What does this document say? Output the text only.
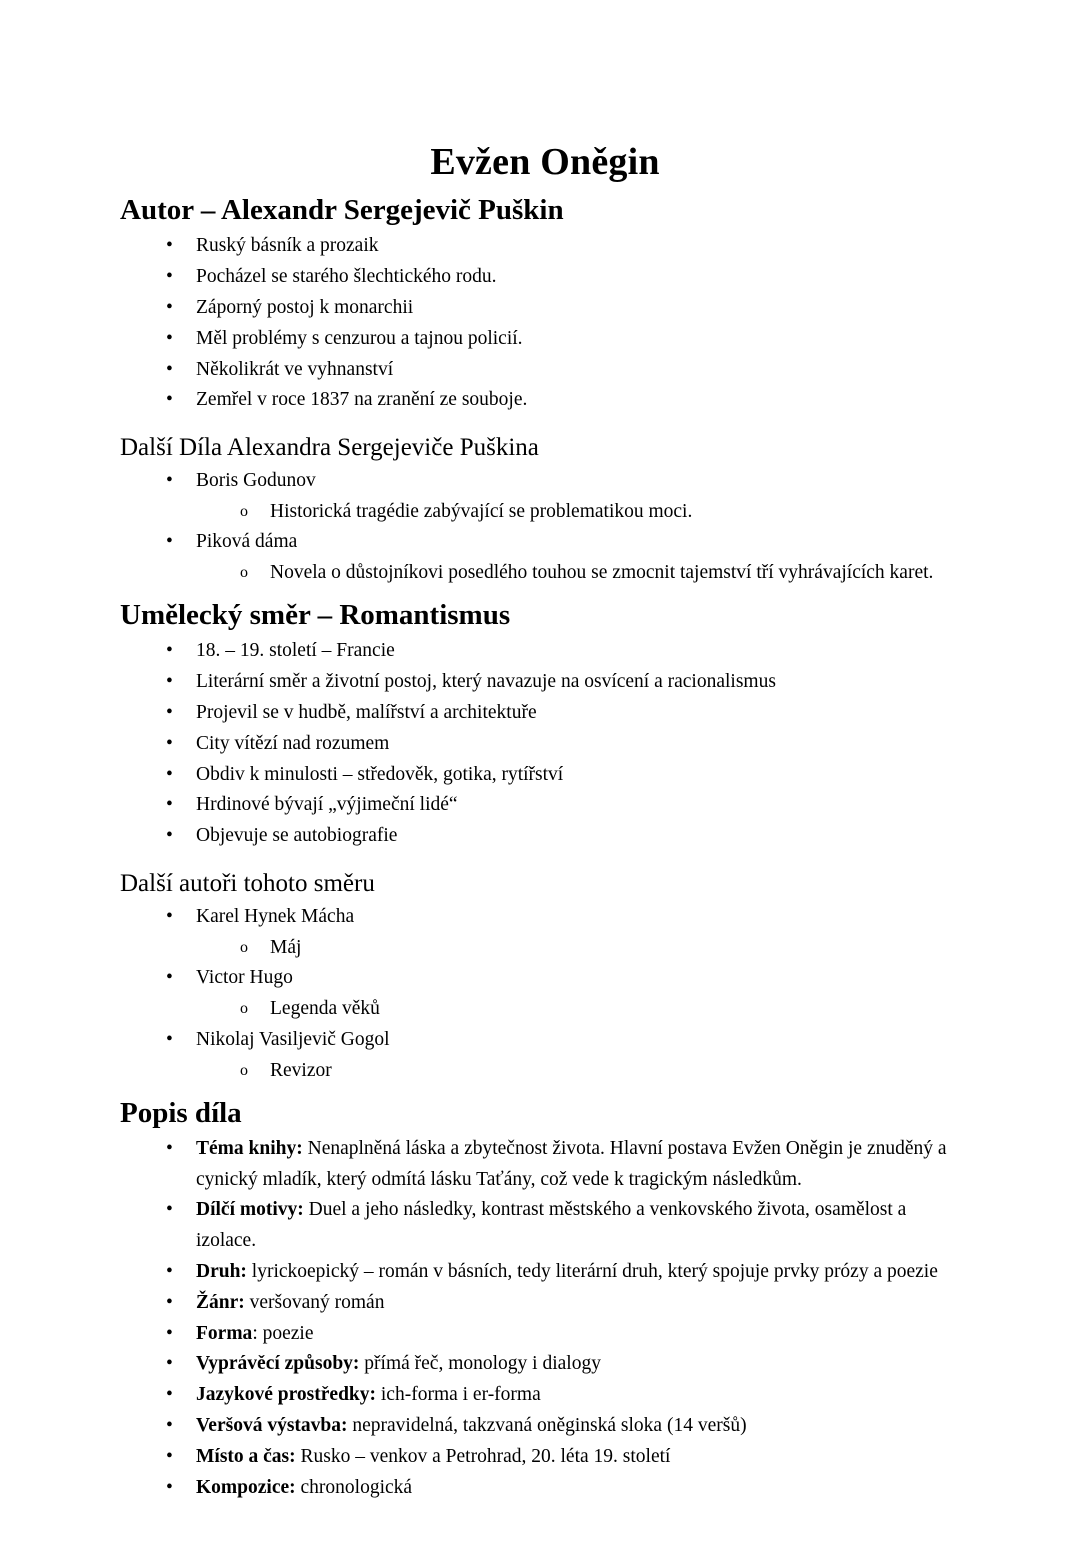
Evžen Oněgin
Autor – Alexandr Sergejevič Puškin
• Ruský básník a prozaik
• Pocházel se starého šlechtického rodu.
• Záporný postoj k monarchii
• Měl problémy s cenzurou a tajnou policií.
• Několikrát ve vyhnanství
• Zemřel v roce 1837 na zranění ze souboje.
Další Díla Alexandra Sergejeviče Puškina
• Boris Godunov
o Historická tragédie zabývající se problematikou moci.
• Piková dáma
o Novela o důstojníkovi posedlého touhou se zmocnit tajemství tří vyhrávajících karet.
Umělecký směr – Romantismus
• 18. – 19. století – Francie
• Literární směr a životní postoj, který navazuje na osvícení a racionalismus
• Projevil se v hudbě, malířství a architektuře
• City vítězí nad rozumem
• Obdiv k minulosti – středověk, gotika, rytířství
• Hrdinové bývají „výjimeční lidé“
• Objevuje se autobiografie
Další autoři tohoto směru
• Karel Hynek Mácha
o Máj
• Victor Hugo
o Legenda věků
• Nikolaj Vasiljevič Gogol
o Revizor
Popis díla
• Téma knihy: Nenaplněná láska a zbytečnost života. Hlavní postava Evžen Oněgin je znuděný a cynický mladík, který odmítá lásku Taťány, což vede k tragickým následkům.
• Dílčí motivy: Duel a jeho následky, kontrast městského a venkovského života, osamělost a izolace.
• Druh: lyrickoepický – román v básních, tedy literární druh, který spojuje prvky prózy a poezie
• Žánr: veršovaný román
• Forma: poezie
• Vyprávěcí způsoby: přímá řeč, monology i dialogy
• Jazykové prostředky: ich-forma i er-forma
• Veršová výstavba: nepravidelná, takzvaná oněginská sloka (14 veršů)
• Místo a čas: Rusko – venkov a Petrohrad, 20. léta 19. století
• Kompozice: chronologická
